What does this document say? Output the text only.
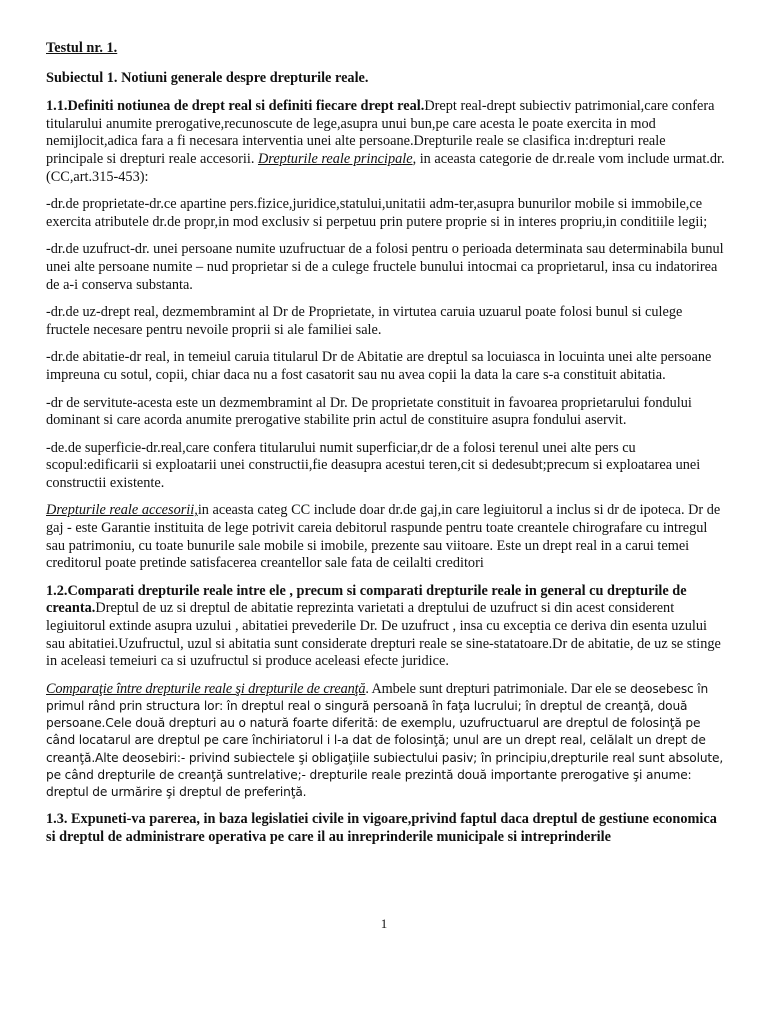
Testul nr. 1.

Subiectul 1. Notiuni generale despre drepturile reale.

1.1.Definiti notiunea de drept real si definiti fiecare drept real.Drept real-drept subiectiv patrimonial,care confera titularului anumite prerogative,recunoscute de lege,asupra unui bun,pe care acesta le poate exercita in mod nemijlocit,adica fara a fi necesara interventia unei alte persoane.Drepturile reale se clasifica in:drepturi reale principale si drepturi reale accesorii. Drepturile reale principale, in aceasta categorie de dr.reale vom include urmat.dr.(CC,art.315-453):

-dr.de proprietate-dr.ce apartine pers.fizice,juridice,statului,unitatii adm-ter,asupra bunurilor mobile si immobile,ce exercita atributele dr.de propr,in mod exclusiv si perpetuu prin putere proprie si in interes propriu,in conditiile legii;

-dr.de uzufruct-dr. unei persoane numite uzufructuar de a folosi pentru o perioada determinata sau determinabila bunul unei alte persoane numite – nud proprietar si de a culege fructele bunului intocmai ca proprietarul, insa cu indatorirea de a-i conserva substanta.

-dr.de uz-drept real, dezmembramint al Dr de Proprietate, in virtutea caruia uzuarul poate folosi bunul si culege fructele necesare pentru nevoile proprii si ale familiei sale.

-dr.de abitatie-dr real, in temeiul caruia titularul Dr de Abitatie are dreptul sa locuiasca in locuinta unei alte persoane impreuna cu sotul, copii, chiar daca nu a fost casatorit sau nu avea copii la data la care s-a constituit abitatia.

-dr de servitute-acesta este un dezmembramint al Dr. De proprietate constituit in favoarea proprietarului fondului dominant si care acorda anumite prerogative stabilite prin actul de constituire asupra fondului aservit.

-de.de superficie-dr.real,care confera titularului numit superficiar,dr de a folosi terenul unei alte pers cu scopul:edificarii si exploatarii unei constructii,fie deasupra acestui teren,cit si dedesubt;precum si exploatarea unei constructii existente.

Drepturile reale accesorii,in aceasta categ CC include doar dr.de gaj,in care legiuitorul a inclus si dr de ipoteca. Dr de gaj - este Garantie instituita de lege potrivit careia debitorul raspunde pentru toate creantele chirografare cu intregul sau patrimoniu, cu toate bunurile sale mobile si imobile, prezente sau viitoare. Este un drept real in a carui temei creditorul poate pretinde satisfacerea creantellor sale fata de ceilalti creditori

1.2.Comparati drepturile reale intre ele , precum si comparati drepturile reale in general cu drepturile de creanta.Dreptul de uz si dreptul de abitatie reprezinta varietati a dreptului de uzufruct si din acest considerent legiuitorul extinde asupra uzului , abitatiei prevederile Dr. De uzufruct , insa cu exceptia ce deriva din esenta uzului sau abitatiei.Uzufructul, uzul si abitatia sunt considerate drepturi reale se sine-statatoare.Dr de abitatie, de uz se stinge in aceleasi temeiuri ca si uzufructul si produce aceleasi efecte juridice.

Comparaţie între drepturile reale şi drepturile de creanţă. Ambele sunt drepturi patrimoniale. Dar ele se deosebesc în primul rând prin structura lor: în dreptul real o singură persoană în faţa lucrului; în dreptul de creanţă, două persoane.Cele două drepturi au o natură foarte diferită: de exemplu, uzufructuarul are dreptul de folosinţă pe când locatarul are dreptul pe care închiriatorul i l-a dat de folosinţă; unul are un drept real, celălalt un drept de creanţă.Alte deosebiri:- privind subiectele şi obligaţiile subiectului pasiv; în principiu,drepturile real sunt absolute, pe când drepturile de creanţă suntrelative;- drepturile reale prezintă două importante prerogative şi anume: dreptul de urmărire şi dreptul de preferinţă.

1.3. Expuneti-va parerea, in baza legislatiei civile in vigoare,privind faptul daca dreptul de gestiune economica si dreptul de administrare operativa pe care il au inreprinderile municipale si intreprinderile

1
